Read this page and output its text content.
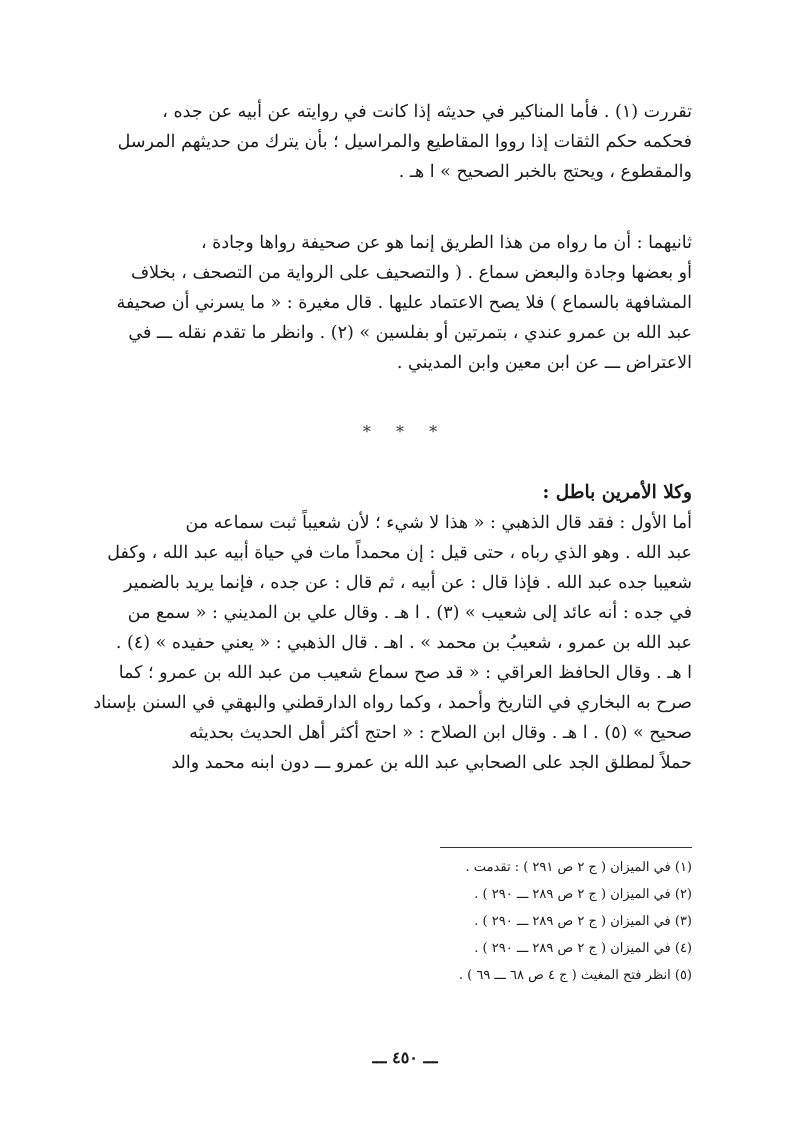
تقررت (١) . فأما المناكير في حديثه إذا كانت في روايته عن أبيه عن جده ،
فحكمه حكم الثقات إذا رووا المقاطيع والمراسيل ؛ بأن يترك من حديثهم المرسل
والمقطوع ، ويحتج بالخبر الصحيح » ا هـ .
ثانيهما : أن ما رواه من هذا الطريق إنما هو عن صحيفة رواها وجادة ،
أو بعضها وجادة والبعض سماع . ( والتصحيف على الرواية من التصحف ، بخلاف
المشافهة بالسماع ) فلا يصح الاعتماد عليها . قال مغيرة : « ما يسرني أن صحيفة
عبد الله بن عمرو عندي ، بتمرتين أو بفلسين » (٢) . وانظر ما تقدم نقله ـــ في
الاعتراض ـــ عن ابن معين وابن المديني .
* * *
وكلا الأمرين باطل :
أما الأول : فقد قال الذهبي : « هذا لا شيء ؛ لأن شعيباً ثبت سماعه من
عبد الله . وهو الذي رباه ، حتى قيل : إن محمداً مات في حياة أبيه عبد الله ، وكفل
شعيبا جده عبد الله . فإذا قال : عن أبيه ، ثم قال : عن جده ، فإنما يريد بالضمير
في جده : أنه عائد إلى شعيب » (٣) . ا هـ . وقال علي بن المديني : « سمع من
عبد الله بن عمرو ، شعيبُ بن محمد » . اهـ . قال الذهبي : « يعني حفيده » (٤) .
ا هـ . وقال الحافظ العراقي : « قد صح سماع شعيب من عبد الله بن عمرو ؛ كما
صرح به البخاري في التاريخ وأحمد ، وكما رواه الدارقطني والبهقي في السنن بإسناد
صحيح » (٥) . ا هـ . وقال ابن الصلاح : « احتج أكثر أهل الحديث بحديثه
حملاً لمطلق الجد على الصحابي عبد الله بن عمرو ـــ دون ابنه محمد والد
(١) في الميزان ( ج ٢ ص ٢٩١ ) : تقدمت .
(٢) في الميزان ( ج ٢ ص ٢٨٩ ـــ ٢٩٠ ) .
(٣) في الميزان ( ج ٢ ص ٢٨٩ ـــ ٢٩٠ ) .
(٤) في الميزان ( ج ٢ ص ٢٨٩ ـــ ٢٩٠ ) .
(٥) انظر فتح المغيث ( ج ٤ ص ٦٨ ـــ ٦٩ ) .
ـــ ٤٥٠ ـــ
